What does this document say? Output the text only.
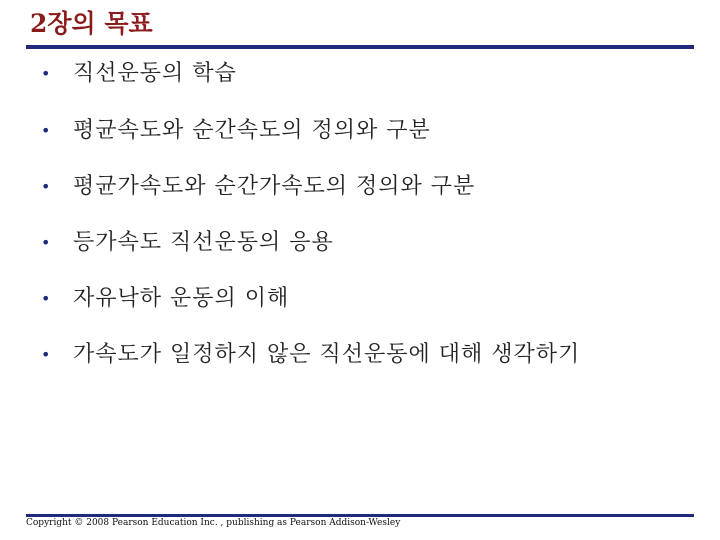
2장의 목표
• 직선운동의 학습
• 평균속도와 순간속도의 정의와 구분
• 평균가속도와 순간가속도의 정의와 구분
• 등가속도 직선운동의 응용
• 자유낙하 운동의 이해
• 가속도가 일정하지 않은 직선운동에 대해 생각하기
Copyright © 2008 Pearson Education Inc. , publishing as Pearson Addison-Wesley
